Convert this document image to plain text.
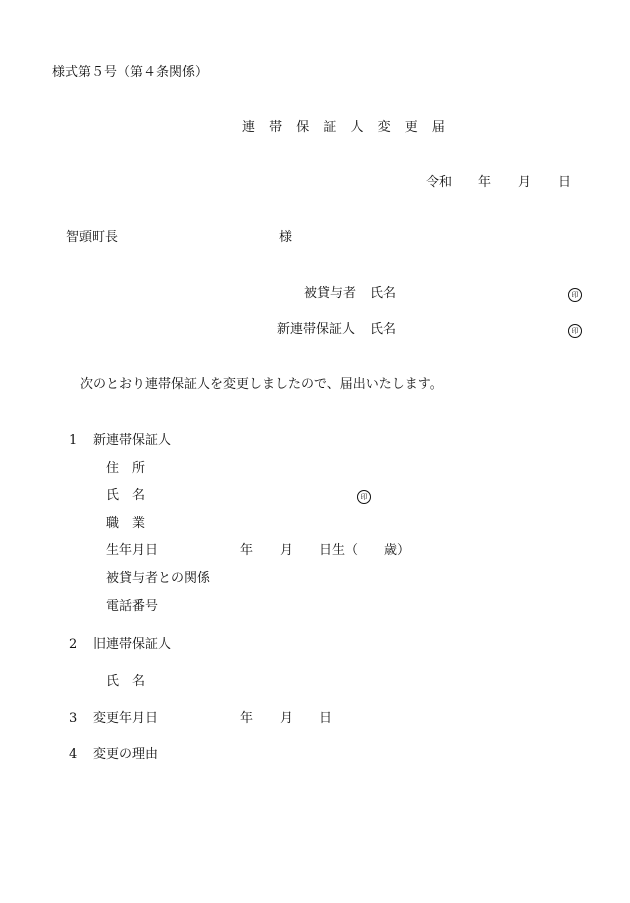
様式第５号（第４条関係）
連 帯 保 証 人 変 更 届
令和 年 月 日
智頭町長	様
被貸与者 氏名	印
新連帯保証人 氏名	印
次のとおり連帯保証人を変更しましたので、届出いたします。
1 新連帯保証人
住　所
氏　名	印
職　業
生年月日	年 月 日生（ 歳）
被貸与者との関係
電話番号
2 旧連帯保証人
氏　名
3 変更年月日	年 月 日
4 変更の理由
